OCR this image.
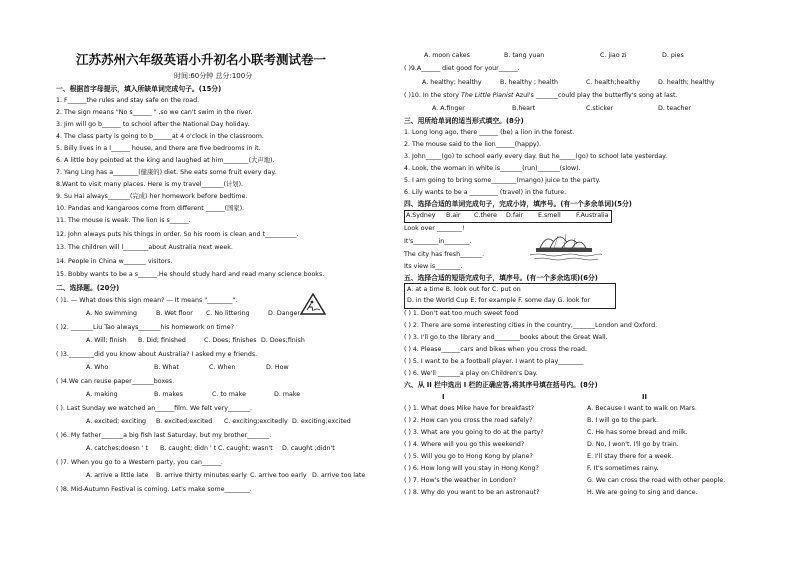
江苏苏州六年级英语小升初名小联考测试卷一
时间:60分钟 总分:100分
一、根据首字母提示，填入所缺单词完成句子。(15分)
1. F______the rules and stay safe on the road.
2. The sign means "No s______ " ,so we can't swim in the river.
3. Jim will go b______ to school after the National Day holiday.
4. The class party is going to b______at 4 o'clock in the classroom.
5. Billy lives in a l______ house, and there are five bedrooms in it.
6. A little boy pointed at the king and laughed at him________(大声地).
7. Yang Ling has a________(健康的) diet. She eats some fruit every day.
8.Want to visit many places. Here is my travel_______(计划).
9. Su Hai always_______(完成) her homework before bedtime.
10. Pandas and kangaroos come from different ______(国家).
11. The mouse is weak. The lion is s______.
12. John always puts his things in order. So his room is clean and t__________.
13. The children will l________about Australia next week.
14. People in China w_______ visitors.
15. Bobby wants to be a s______.He should study hard and read many science books.
二、选择题。(20分)
( )1. — What does this sign mean? — It means "________".
A. No swimming	B. Wet floor C. No littering	D. Danger
( )2. _______Liu Tao always_______his homework on time?
A. Will; finish B. Did; finished	C. Does; finishes D. Does;finish
( )3.________did you know about Australia? I asked my e friends.
A. Who	B. What	C. When	D. How
( )4.We can reuse paper_______boxes.
A. making	B. makes	C. to make	D. make
( ). Last Sunday we watched an______film. We felt very_______.
A. excited; exciting B. excited;excited C. exciting;excitedly D. exciting;excited
( )6. My father_______a big fish last Saturday, but my brother_______.
A. catches;doesn ' t B. caught; didn ' t C. caught; wasn't D. caught ;didn't
( )7. When you go to a Western party, you can______.
A. arrive a little late B. arrive thirty minutes early C. arrive too early D. arrive too late
( )8. Mid-Autumn Festival is coming. Let's make some________.
A. moon cakes	B. tang yuan	C. jiao zi	D. pies
( )9.A______ diet good for your______.
A. healthy; healthy	B. healthy ; health	C. health;healthy	D. health; healthy
( )10. In the story The Little Pianist Azul's _______could play the butterfly's song at last.
A. A.finger	B.heart	C.sticker	D. teacher
三、用所给单词的适当形式填空。(8分)
1. Long long ago, there ______ (be) a lion in the forest.
2. The mouse said to the lion______(happy).
3. John_____(go) to school early every day. But he_____(go) to school late yesterday.
4. Look, the woman in white is_______(run)_______(slow).
5. I am going to bring some________(mango) juice to the party.
6. Lily wants to be a _________ (travel) in the future.
四、选择合适的单词完成句子，完成小诗，填序号。(有一个多余单词)(5分)
A.Sydney B.air C.there D.fair E.smell F.Australia
Look over ________!
It's________in________.
The city has fresh_______.
Its view is________.
五、选择合适的短语完成句子，填序号。(有一个多余选项)(6分)
A. at a time B. look out for C. put on
D. in the World Cup E. for example F. some day G. look for
( ) 1. Don't eat too much sweet food
( ) 2. There are some interesting cities in the country,_______London and Oxford.
( ) 3. I'll go to the library and________books about the Great Wall.
( ) 4. Please______cars and bikes when you cross the road.
( ) 5. I want to be a football player. I want to play________
( ) 6. We'll _______a play on Children's Day.
六、从 II 栏中选出 I 栏的正确应答,将其序号填在括号内。(8分)
I	II
( ) 1. What does Mike have for breakfast?	A. Because I want to walk on Mars.
( ) 2. How can you cross the road safely?	B. I will go to the park.
( ) 3. What are you going to do at the party?	C. He has some bread and milk.
( ) 4. Where will you go this weekend?	D. No, I won't. I'll go by train.
( ) 5. Will you go to Hong Kong by plane?	E. I'll stay there for a week.
( ) 6. How long will you stay in Hong Kong?	F. It's sometimes rainy.
( ) 7. How's the weather in London?	G. We can cross the road with other people.
( ) 8. Why do you want to be an astronaut?	H. We are going to sing and dance.
